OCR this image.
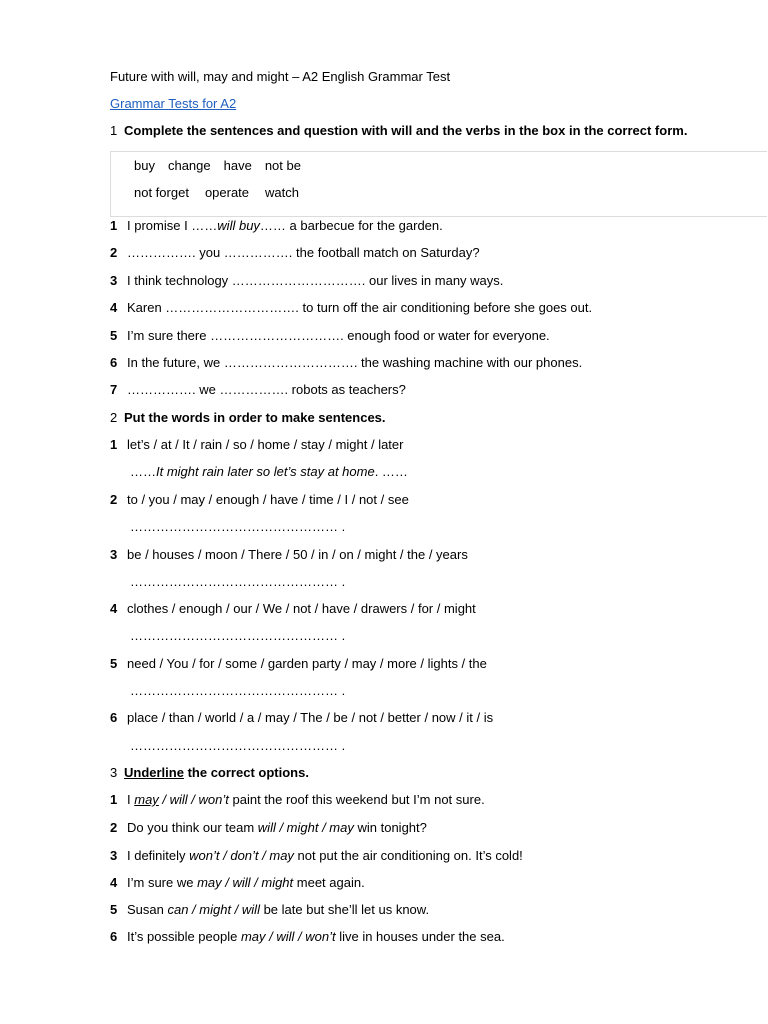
Future with will, may and might – A2 English Grammar Test
Grammar Tests for A2
1 Complete the sentences and question with will and the verbs in the box in the correct form.
buy change have not be
not forget operate watch
1 I promise I ……will buy…… a barbecue for the garden.
2 ……………. you ……………. the football match on Saturday?
3 I think technology …………………………. our lives in many ways.
4 Karen …………………………. to turn off the air conditioning before she goes out.
5 I’m sure there …………………………. enough food or water for everyone.
6 In the future, we …………………………. the washing machine with our phones.
7 ……………. we ……………. robots as teachers?
2 Put the words in order to make sentences.
1 let’s / at / It / rain / so / home / stay / might / later
……It might rain later so let’s stay at home. ……
2 to / you / may / enough / have / time / I / not / see
………………………………………… .
3 be / houses / moon / There / 50 / in / on / might / the / years
………………………………………… .
4 clothes / enough / our / We / not / have / drawers / for / might
………………………………………… .
5 need / You / for / some / garden party / may / more / lights / the
………………………………………… .
6 place / than / world / a / may / The / be / not / better / now / it / is
………………………………………… .
3 Underline the correct options.
1 I may / will / won’t paint the roof this weekend but I’m not sure.
2 Do you think our team will / might / may win tonight?
3 I definitely won’t / don’t / may not put the air conditioning on. It’s cold!
4 I’m sure we may / will / might meet again.
5 Susan can / might / will be late but she’ll let us know.
6 It’s possible people may / will / won’t live in houses under the sea.
